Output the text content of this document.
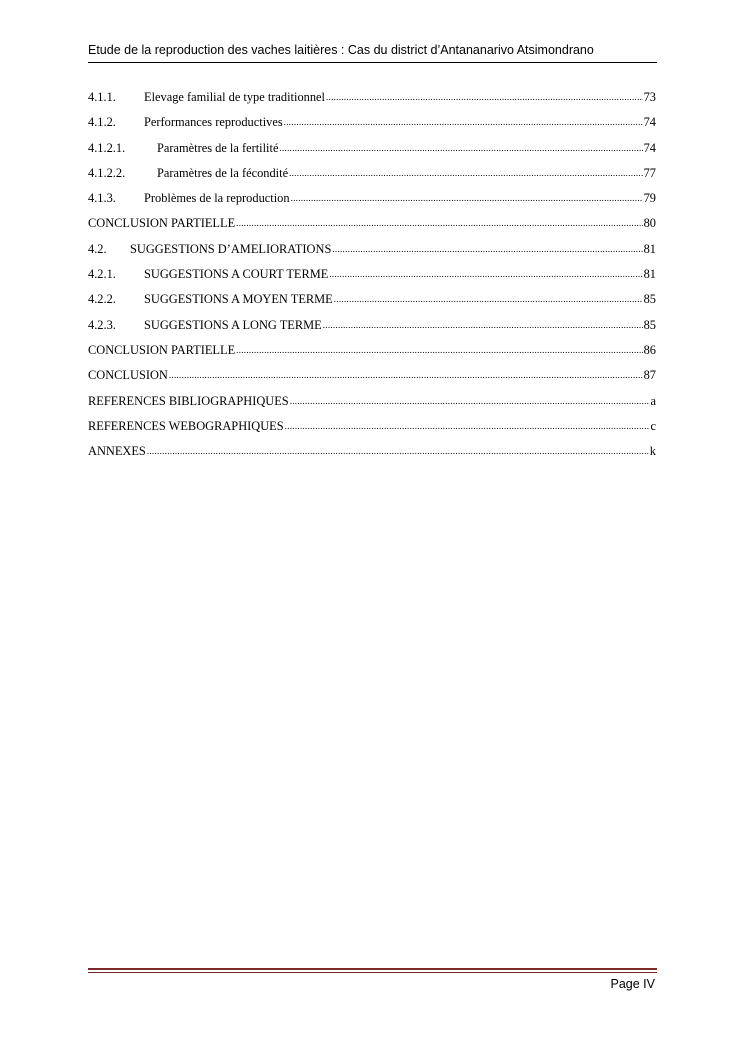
Etude de la reproduction des vaches laitières : Cas du district d’Antananarivo Atsimondrano
4.1.1.	Elevage familial de type traditionnel .....	73
4.1.2.	Performances reproductives .....	74
4.1.2.1.	Paramètres de la fertilité .....	74
4.1.2.2.	Paramètres de la fécondité .....	77
4.1.3.	Problèmes de la reproduction .....	79
CONCLUSION PARTIELLE .....	80
4.2.	SUGGESTIONS D’AMELIORATIONS .....	81
4.2.1.	SUGGESTIONS A COURT TERME .....	81
4.2.2.	SUGGESTIONS A MOYEN TERME .....	85
4.2.3.	SUGGESTIONS A LONG TERME .....	85
CONCLUSION PARTIELLE .....	86
CONCLUSION .....	87
REFERENCES BIBLIOGRAPHIQUES .....	a
REFERENCES WEBOGRAPHIQUES .....	c
ANNEXES .....	k
Page IV
